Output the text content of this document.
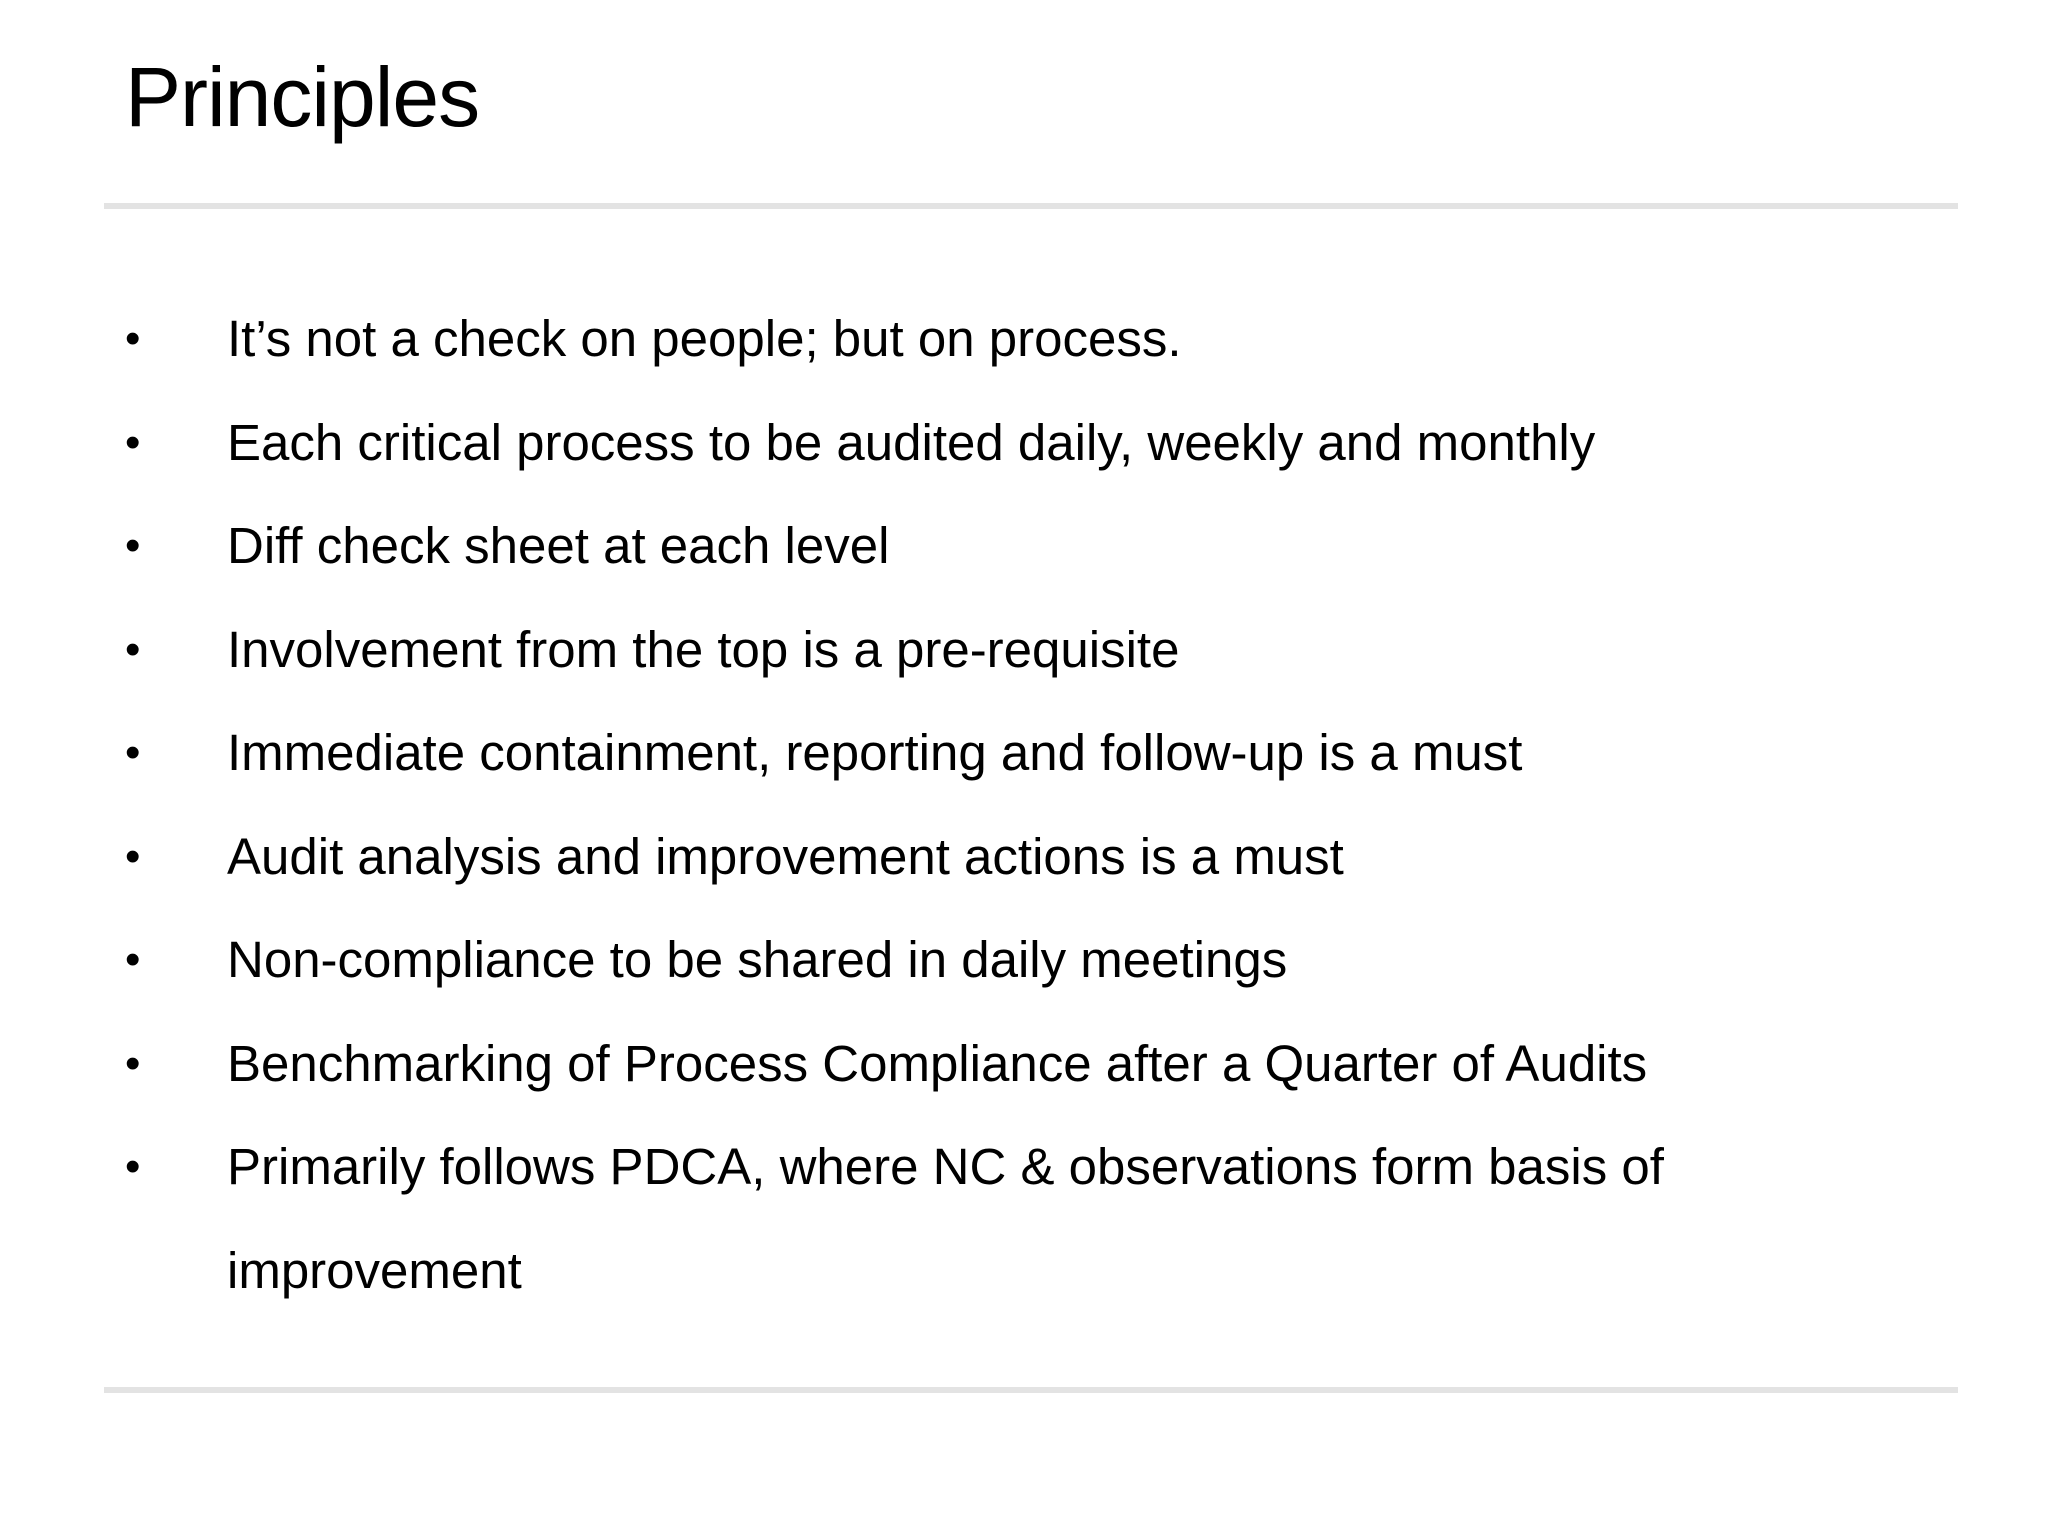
Principles
•	It’s not a check on people; but on process.
•	Each critical process to be audited daily, weekly and monthly
•	Diff check sheet at each level
•	Involvement from the top is a pre-requisite
•	Immediate containment, reporting and follow-up is a must
•	Audit analysis and improvement actions is a must
•	Non-compliance to be shared in daily meetings
•	Benchmarking of Process Compliance after a Quarter of Audits
•	Primarily follows PDCA, where NC & observations form basis of improvement
